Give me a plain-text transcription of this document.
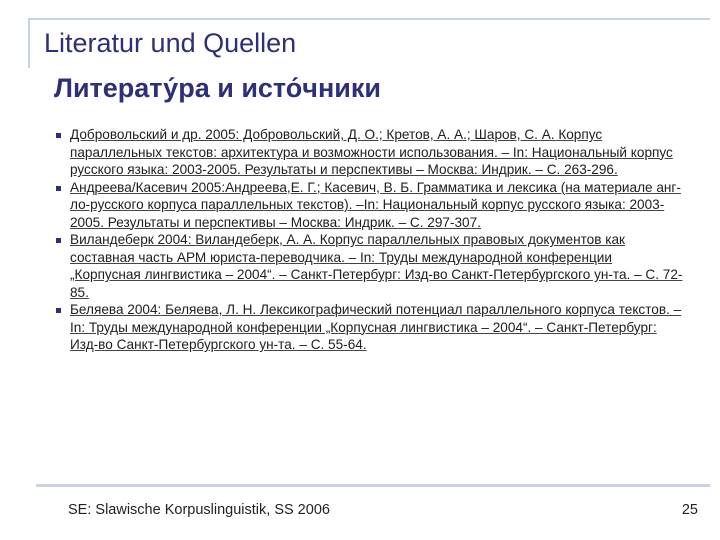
Literatur und Quellen
Литерату́ра и исто́чники
Добровольский и др. 2005: Добровольский, Д. О.; Кретов, А. А.; Шаров, С. А. Корпус параллельных текстов: архитектура и возможности использования. – In: Национальный корпус русского языка: 2003-2005. Результаты и перспективы – Москва: Индрик. – С. 263-296.
Андреева/Касевич 2005:Андреева,Е. Г.; Касевич, В. Б. Грамматика и лексика (на материале анг-ло-русского корпуса параллельных текстов). –In: Национальный корпус русского языка: 2003-2005. Результаты и перспективы – Москва: Индрик. – С. 297-307.
Виландеберк 2004: Виландеберк, А. А. Корпус параллельных правовых документов как составная часть АРМ юриста-переводчика. – In: Труды международной конференции „Корпусная лингвистика – 2004“. – Санкт-Петербург: Изд-во Санкт-Петербургского ун-та. – С. 72-85.
Беляева 2004: Беляева, Л. Н. Лексикографический потенциал параллельного корпуса текстов. – In: Труды международной конференции „Корпусная лингвистика – 2004“. – Санкт-Петербург: Изд-во Санкт-Петербургского ун-та. – С. 55-64.
SE: Slawische Korpuslinguistik, SS 2006	25
